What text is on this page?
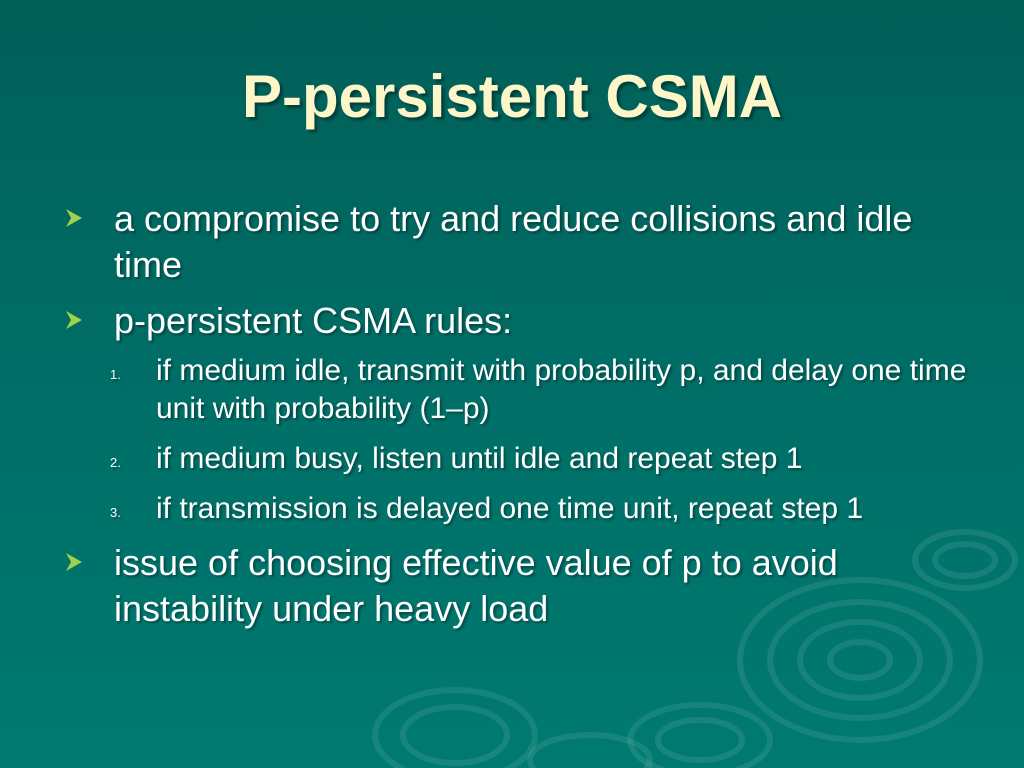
P-persistent CSMA
a compromise to try and reduce collisions and idle time
p-persistent CSMA rules:
1. if medium idle, transmit with probability p, and delay one time unit with probability (1–p)
2. if medium busy, listen until idle and repeat step 1
3. if transmission is delayed one time unit, repeat step 1
issue of choosing effective value of p to avoid instability under heavy load
